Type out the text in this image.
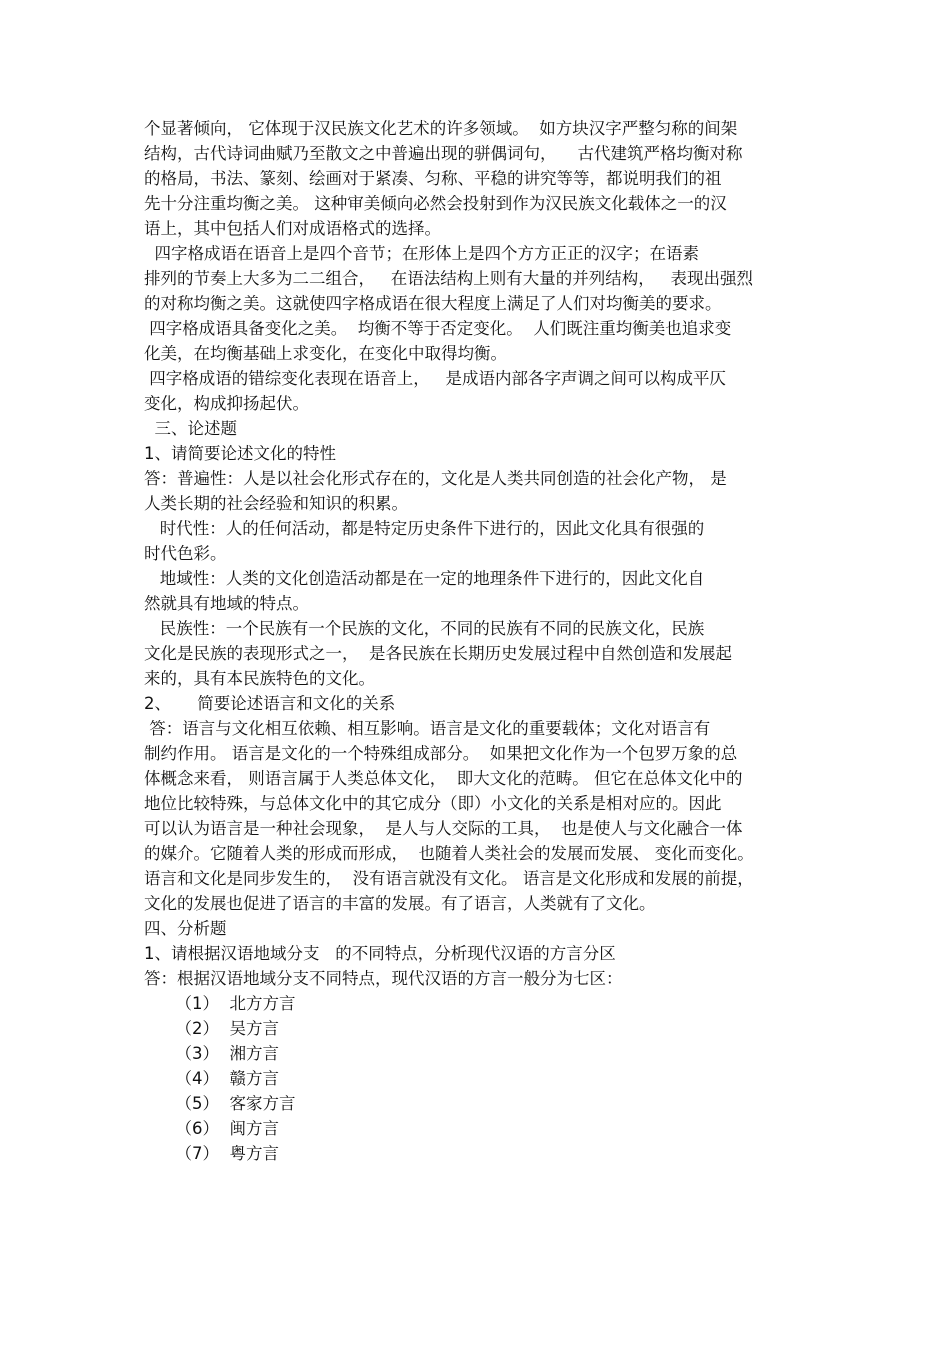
个显著倾向， 它体现于汉民族文化艺术的许多领域。  如方块汉字严整匀称的间架
结构，古代诗词曲赋乃至散文之中普遍出现的骈偶词句，    古代建筑严格均衡对称
的格局，书法、篆刻、绘画对于紧凑、匀称、平稳的讲究等等，都说明我们的祖
先十分注重均衡之美。 这种审美倾向必然会投射到作为汉民族文化载体之一的汉
语上，其中包括人们对成语格式的选择。
四字格成语在语音上是四个音节；在形体上是四个方方正正的汉字；在语素
排列的节奏上大多为二二组合，   在语法结构上则有大量的并列结构，   表现出强烈
的对称均衡之美。这就使四字格成语在很大程度上满足了人们对均衡美的要求。
四字格成语具备变化之美。  均衡不等于否定变化。  人们既注重均衡美也追求变
化美，在均衡基础上求变化，在变化中取得均衡。
四字格成语的错综变化表现在语音上，   是成语内部各字声调之间可以构成平仄
变化，构成抑扬起伏。
三、论述题
1、请简要论述文化的特性
答：普遍性：人是以社会化形式存在的，文化是人类共同创造的社会化产物， 是
人类长期的社会经验和知识的积累。
时代性：人的任何活动，都是特定历史条件下进行的，因此文化具有很强的
时代色彩。
地域性：人类的文化创造活动都是在一定的地理条件下进行的，因此文化自
然就具有地域的特点。
民族性：一个民族有一个民族的文化，不同的民族有不同的民族文化，民族
文化是民族的表现形式之一，  是各民族在长期历史发展过程中自然创造和发展起
来的，具有本民族特色的文化。
2、     简要论述语言和文化的关系
答：语言与文化相互依赖、相互影响。语言是文化的重要载体；文化对语言有
制约作用。 语言是文化的一个特殊组成部分。  如果把文化作为一个包罗万象的总
体概念来看， 则语言属于人类总体文化，  即大文化的范畴。 但它在总体文化中的
地位比较特殊，与总体文化中的其它成分（即）小文化的关系是相对应的。因此
可以认为语言是一种社会现象，  是人与人交际的工具，  也是使人与文化融合一体
的媒介。它随着人类的形成而形成，  也随着人类社会的发展而发展、 变化而变化。
语言和文化是同步发生的，  没有语言就没有文化。 语言是文化形成和发展的前提，
文化的发展也促进了语言的丰富的发展。有了语言，人类就有了文化。
四、分析题
1、请根据汉语地域分支   的不同特点，分析现代汉语的方言分区
答：根据汉语地域分支不同特点，现代汉语的方言一般分为七区：
（1）  北方方言
（2）  吴方言
（3）  湘方言
（4）  赣方言
（5）  客家方言
（6）  闽方言
（7）  粤方言
